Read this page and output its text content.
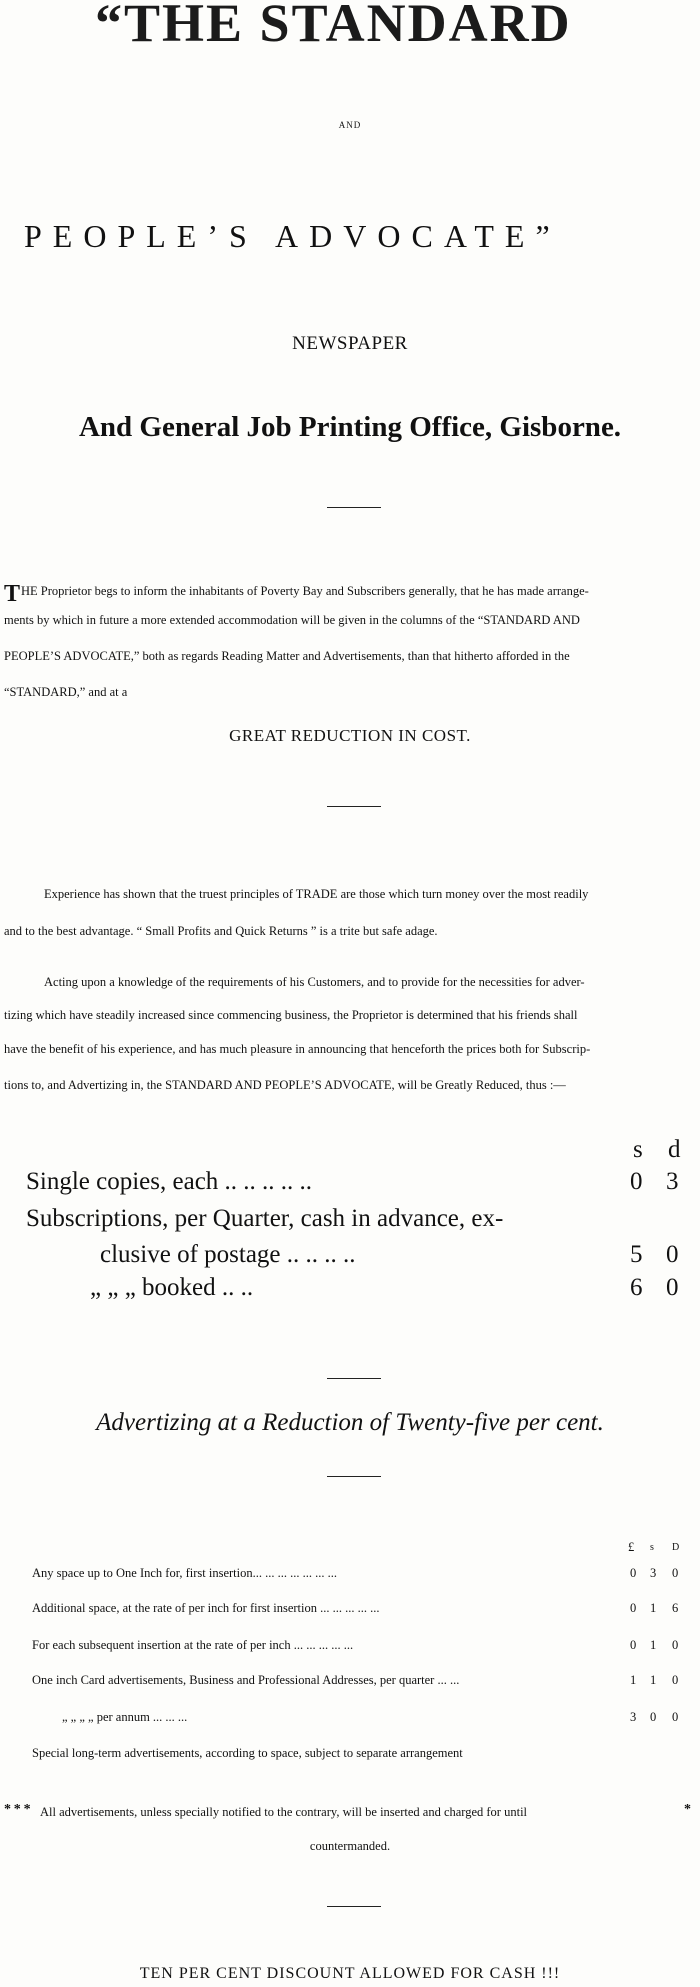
“THE STANDARD
AND
PEOPLE’S ADVOCATE”
NEWSPAPER
And General Job Printing Office, Gisborne.
THE Proprietor begs to inform the inhabitants of Poverty Bay and Subscribers generally, that he has made arrange-
ments by which in future a more extended accommodation will be given in the columns of the “STANDARD AND
PEOPLE’S ADVOCATE,” both as regards Reading Matter and Advertisements, than that hitherto afforded in the
“STANDARD,” and at a
GREAT REDUCTION IN COST.
Experience has shown that the truest principles of TRADE are those which turn money over the most readily
and to the best advantage. “ Small Profits and Quick Returns ” is a trite but safe adage.
Acting upon a knowledge of the requirements of his Customers, and to provide for the necessities for adver-
tizing which have steadily increased since commencing business, the Proprietor is determined that his friends shall
have the benefit of his experience, and has much pleasure in announcing that henceforth the prices both for Subscrip-
tions to, and Advertizing in, the STANDARD AND PEOPLE’S ADVOCATE, will be Greatly Reduced, thus :—
s d
Single copies, each .. .. .. .. ..	0 3
Subscriptions, per Quarter, cash in advance, ex-
clusive of postage .. .. .. ..	5 0
„ „ „ booked .. ..	6 0
Advertizing at a Reduction of Twenty-five per cent.
£ s D
Any space up to One Inch for, first insertion... ... ... ... ... ... ...	0 3 0
Additional space, at the rate of per inch for first insertion ... ... ... ... ...	0 1 6
For each subsequent insertion at the rate of per inch ... ... ... ... ...	0 1 0
One inch Card advertisements, Business and Professional Addresses, per quarter ... ...	1 1 0
„ „ „ „ per annum ... ... ...	3 0 0
Special long-term advertisements, according to space, subject to separate arrangement
* * * All advertisements, unless specially notified to the contrary, will be inserted and charged for until	*
countermanded.
TEN PER CENT DISCOUNT ALLOWED FOR CASH !!!
